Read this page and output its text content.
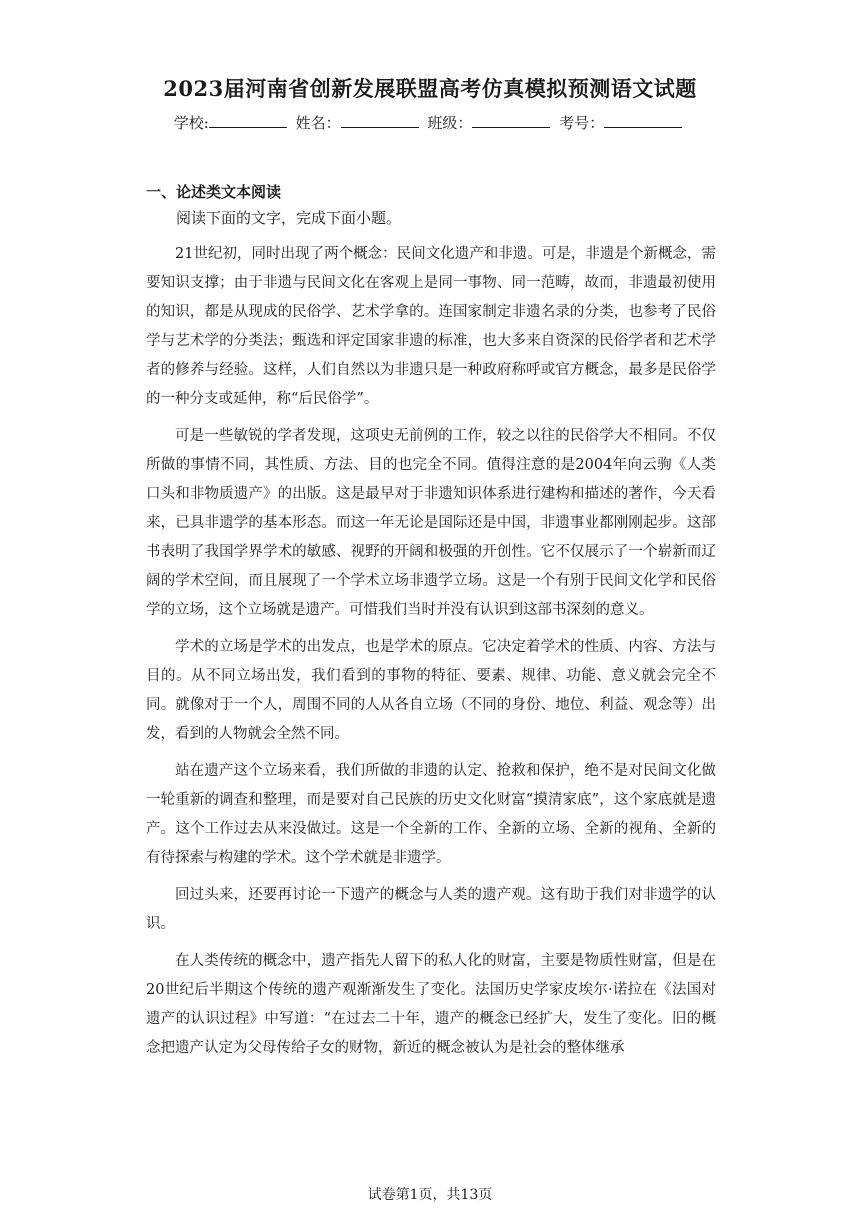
2023届河南省创新发展联盟高考仿真模拟预测语文试题
学校:	姓名：	班级：	考号：
一、论述类文本阅读
阅读下面的文字，完成下面小题。

21世纪初，同时出现了两个概念：民间文化遗产和非遗。可是，非遗是个新概念，需要知识支撑；由于非遗与民间文化在客观上是同一事物、同一范畴，故而，非遗最初使用的知识，都是从现成的民俗学、艺术学拿的。连国家制定非遗名录的分类，也参考了民俗学与艺术学的分类法；甄选和评定国家非遗的标准，也大多来自资深的民俗学者和艺术学者的修养与经验。这样，人们自然以为非遗只是一种政府称呼或官方概念，最多是民俗学的一种分支或延伸，称“后民俗学”。

可是一些敏锐的学者发现，这项史无前例的工作，较之以往的民俗学大不相同。不仅所做的事情不同，其性质、方法、目的也完全不同。值得注意的是2004年向云驹《人类口头和非物质遗产》的出版。这是最早对于非遗知识体系进行建构和描述的著作，今天看来，已具非遗学的基本形态。而这一年无论是国际还是中国，非遗事业都刚刚起步。这部书表明了我国学界学术的敏感、视野的开阔和极强的开创性。它不仅展示了一个崭新而辽阔的学术空间，而且展现了一个学术立场非遗学立场。这是一个有别于民间文化学和民俗学的立场，这个立场就是遗产。可惜我们当时并没有认识到这部书深刻的意义。

学术的立场是学术的出发点，也是学术的原点。它决定着学术的性质、内容、方法与目的。从不同立场出发，我们看到的事物的特征、要素、规律、功能、意义就会完全不同。就像对于一个人，周围不同的人从各自立场（不同的身份、地位、利益、观念等）出发，看到的人物就会全然不同。

站在遗产这个立场来看，我们所做的非遗的认定、抢救和保护，绝不是对民间文化做一轮重新的调查和整理，而是要对自己民族的历史文化财富“摸清家底”，这个家底就是遗产。这个工作过去从来没做过。这是一个全新的工作、全新的立场、全新的视角、全新的有待探索与构建的学术。这个学术就是非遗学。

回过头来，还要再讨论一下遗产的概念与人类的遗产观。这有助于我们对非遗学的认识。

在人类传统的概念中，遗产指先人留下的私人化的财富，主要是物质性财富，但是在20世纪后半期这个传统的遗产观渐渐发生了变化。法国历史学家皮埃尔·诺拉在《法国对遗产的认识过程》中写道：“在过去二十年，遗产的概念已经扩大，发生了变化。旧的概念把遗产认定为父母传给子女的财物，新近的概念被认为是社会的整体继承

试卷第1页，共13页
